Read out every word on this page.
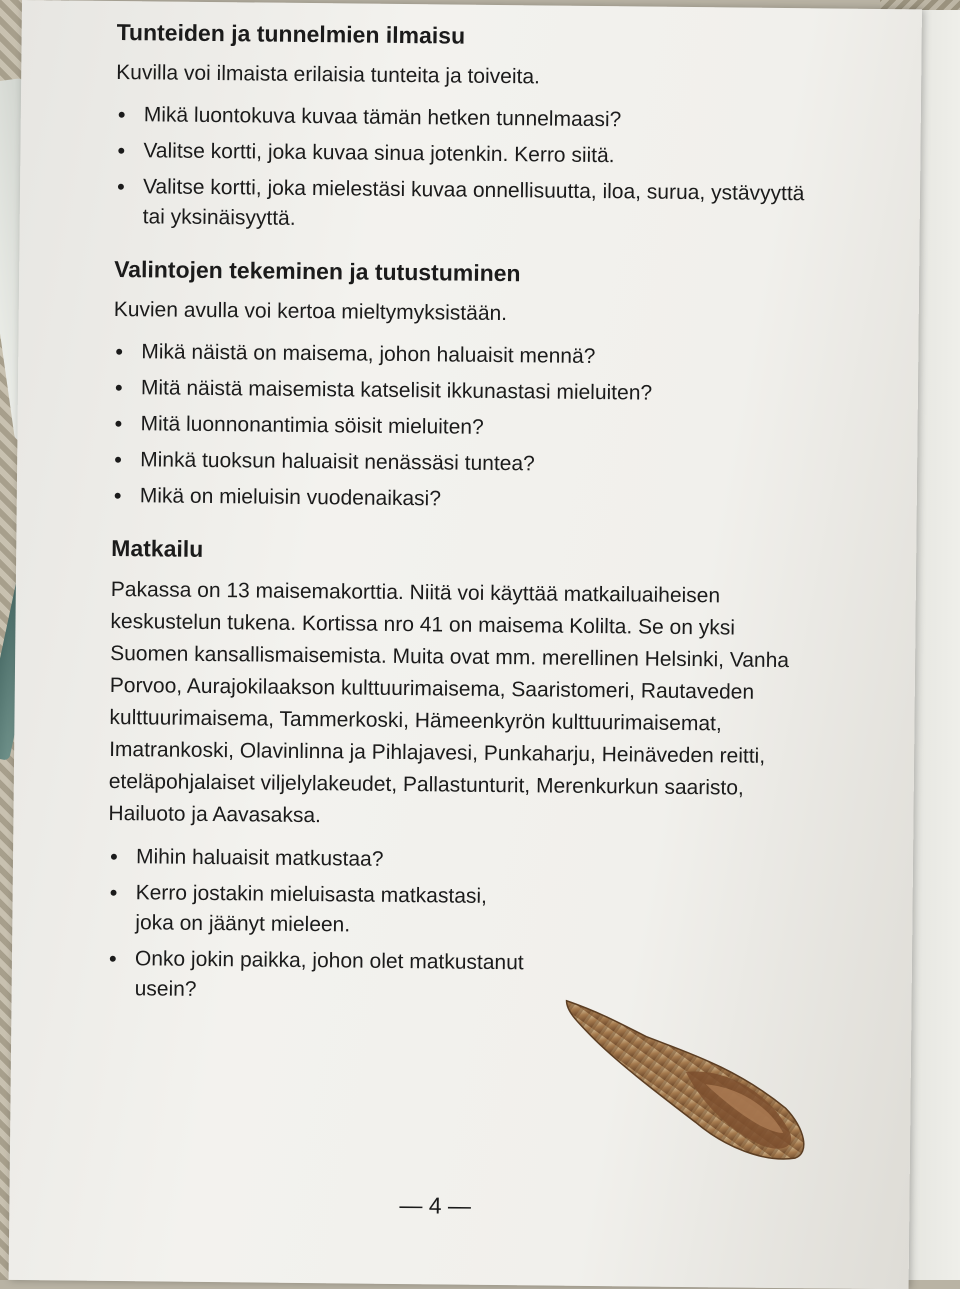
Tunteiden ja tunnelmien ilmaisu

Kuvilla voi ilmaista erilaisia tunteita ja toiveita.

• Mikä luontokuva kuvaa tämän hetken tunnelmaasi?
• Valitse kortti, joka kuvaa sinua jotenkin. Kerro siitä.
• Valitse kortti, joka mielestäsi kuvaa onnellisuutta, iloa, surua, ystävyyttä tai yksinäisyyttä.
Valintojen tekeminen ja tutustuminen

Kuvien avulla voi kertoa mieltymyksistään.

• Mikä näistä on maisema, johon haluaisit mennä?
• Mitä näistä maisemista katselisit ikkunastasi mieluiten?
• Mitä luonnonantimia söisit mieluiten?
• Minkä tuoksun haluaisit nenässäsi tuntea?
• Mikä on mieluisin vuodenaikasi?
Matkailu

Pakassa on 13 maisemakorttia. Niitä voi käyttää matkailuaiheisen keskustelun tukena. Kortissa nro 41 on maisema Kolilta. Se on yksi Suomen kansallismaisemista. Muita ovat mm. merellinen Helsinki, Vanha Porvoo, Aurajokilaakson kulttuurimaisema, Saaristomeri, Rautaveden kulttuurimaisema, Tammerkoski, Hämeenkyrön kulttuurimaisemat, Imatrankoski, Olavinlinna ja Pihlajavesi, Punkaharju, Heinäveden reitti, eteläpohjalaiset viljelylakeudet, Pallastunturit, Merenkurkun saaristo, Hailuoto ja Aavasaksa.

• Mihin haluaisit matkustaa?
• Kerro jostakin mieluisasta matkastasi, joka on jäänyt mieleen.
• Onko jokin paikka, johon olet matkustanut usein?
— 4 —
